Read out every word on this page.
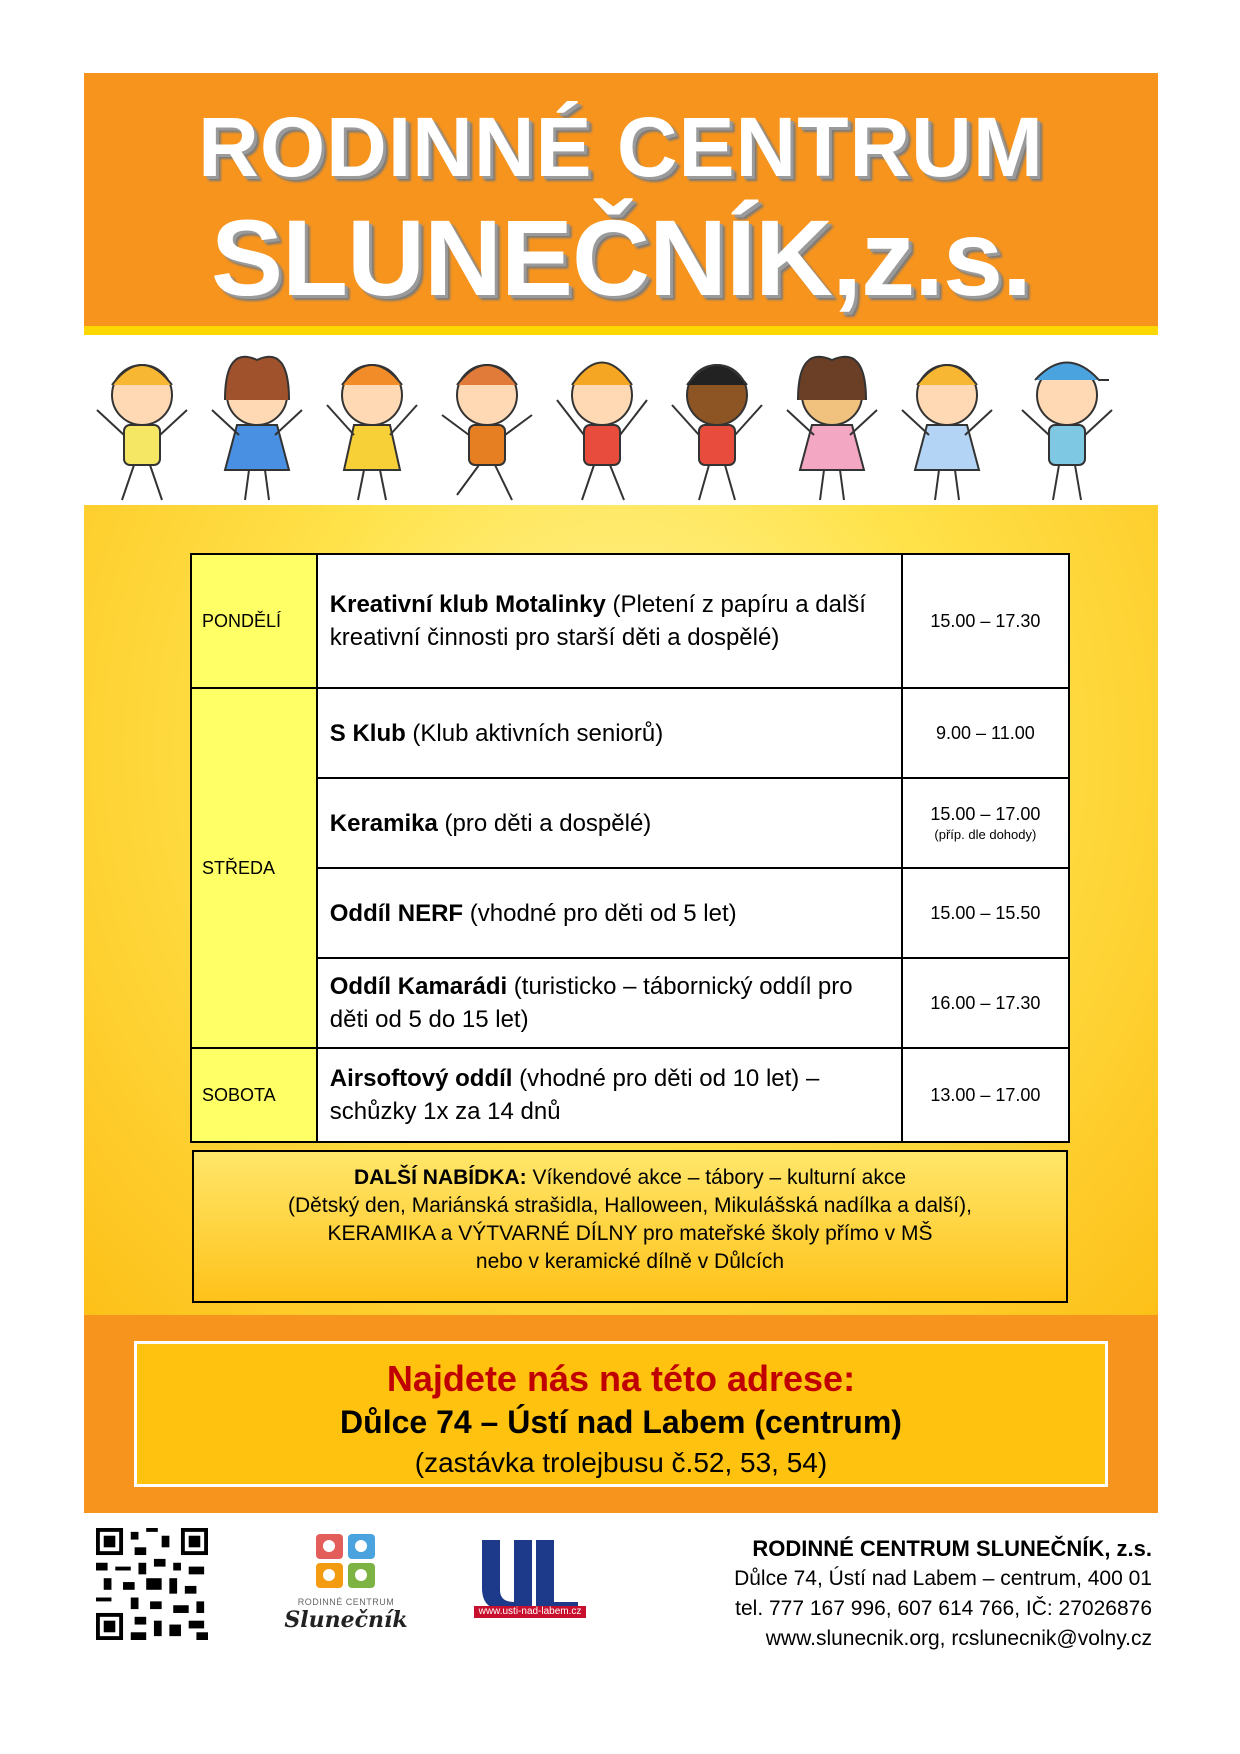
RODINNÉ CENTRUM
SLUNEČNÍK,z.s.
PONDĚLÍ	Kreativní klub Motalinky (Pletení z papíru a další kreativní činnosti pro starší děti a dospělé)	15.00 – 17.30
STŘEDA	S Klub (Klub aktivních seniorů)	9.00 – 11.00
	Keramika (pro děti a dospělé)	15.00 – 17.00
(příp. dle dohody)

	Oddíl NERF (vhodné pro děti od 5 let)	15.00 – 15.50
	Oddíl Kamarádi (turisticko – tábornický oddíl pro děti od 5 do 15 let)	16.00 – 17.30
SOBOTA	Airsoftový oddíl (vhodné pro děti od 10 let) – schůzky 1x za 14 dnů	13.00 – 17.00
DALŠÍ NABÍDKA: Víkendové akce – tábory – kulturní akce
(Dětský den, Mariánská strašidla, Halloween, Mikulášská nadílka a další),
KERAMIKA a VÝTVARNÉ DÍLNY pro mateřské školy přímo v MŠ
nebo v keramické dílně v Důlcích
Najdete nás na této adrese:
Důlce 74 – Ústí nad Labem (centrum)
(zastávka trolejbusu č.52, 53, 54)
RODINNÉ CENTRUM
Slunečník	www.usti-nad-labem.cz
RODINNÉ CENTRUM SLUNEČNÍK, z.s.
Důlce 74, Ústí nad Labem – centrum, 400 01
tel. 777 167 996, 607 614 766, IČ: 27026876
www.slunecnik.org, rcslunecnik@volny.cz
